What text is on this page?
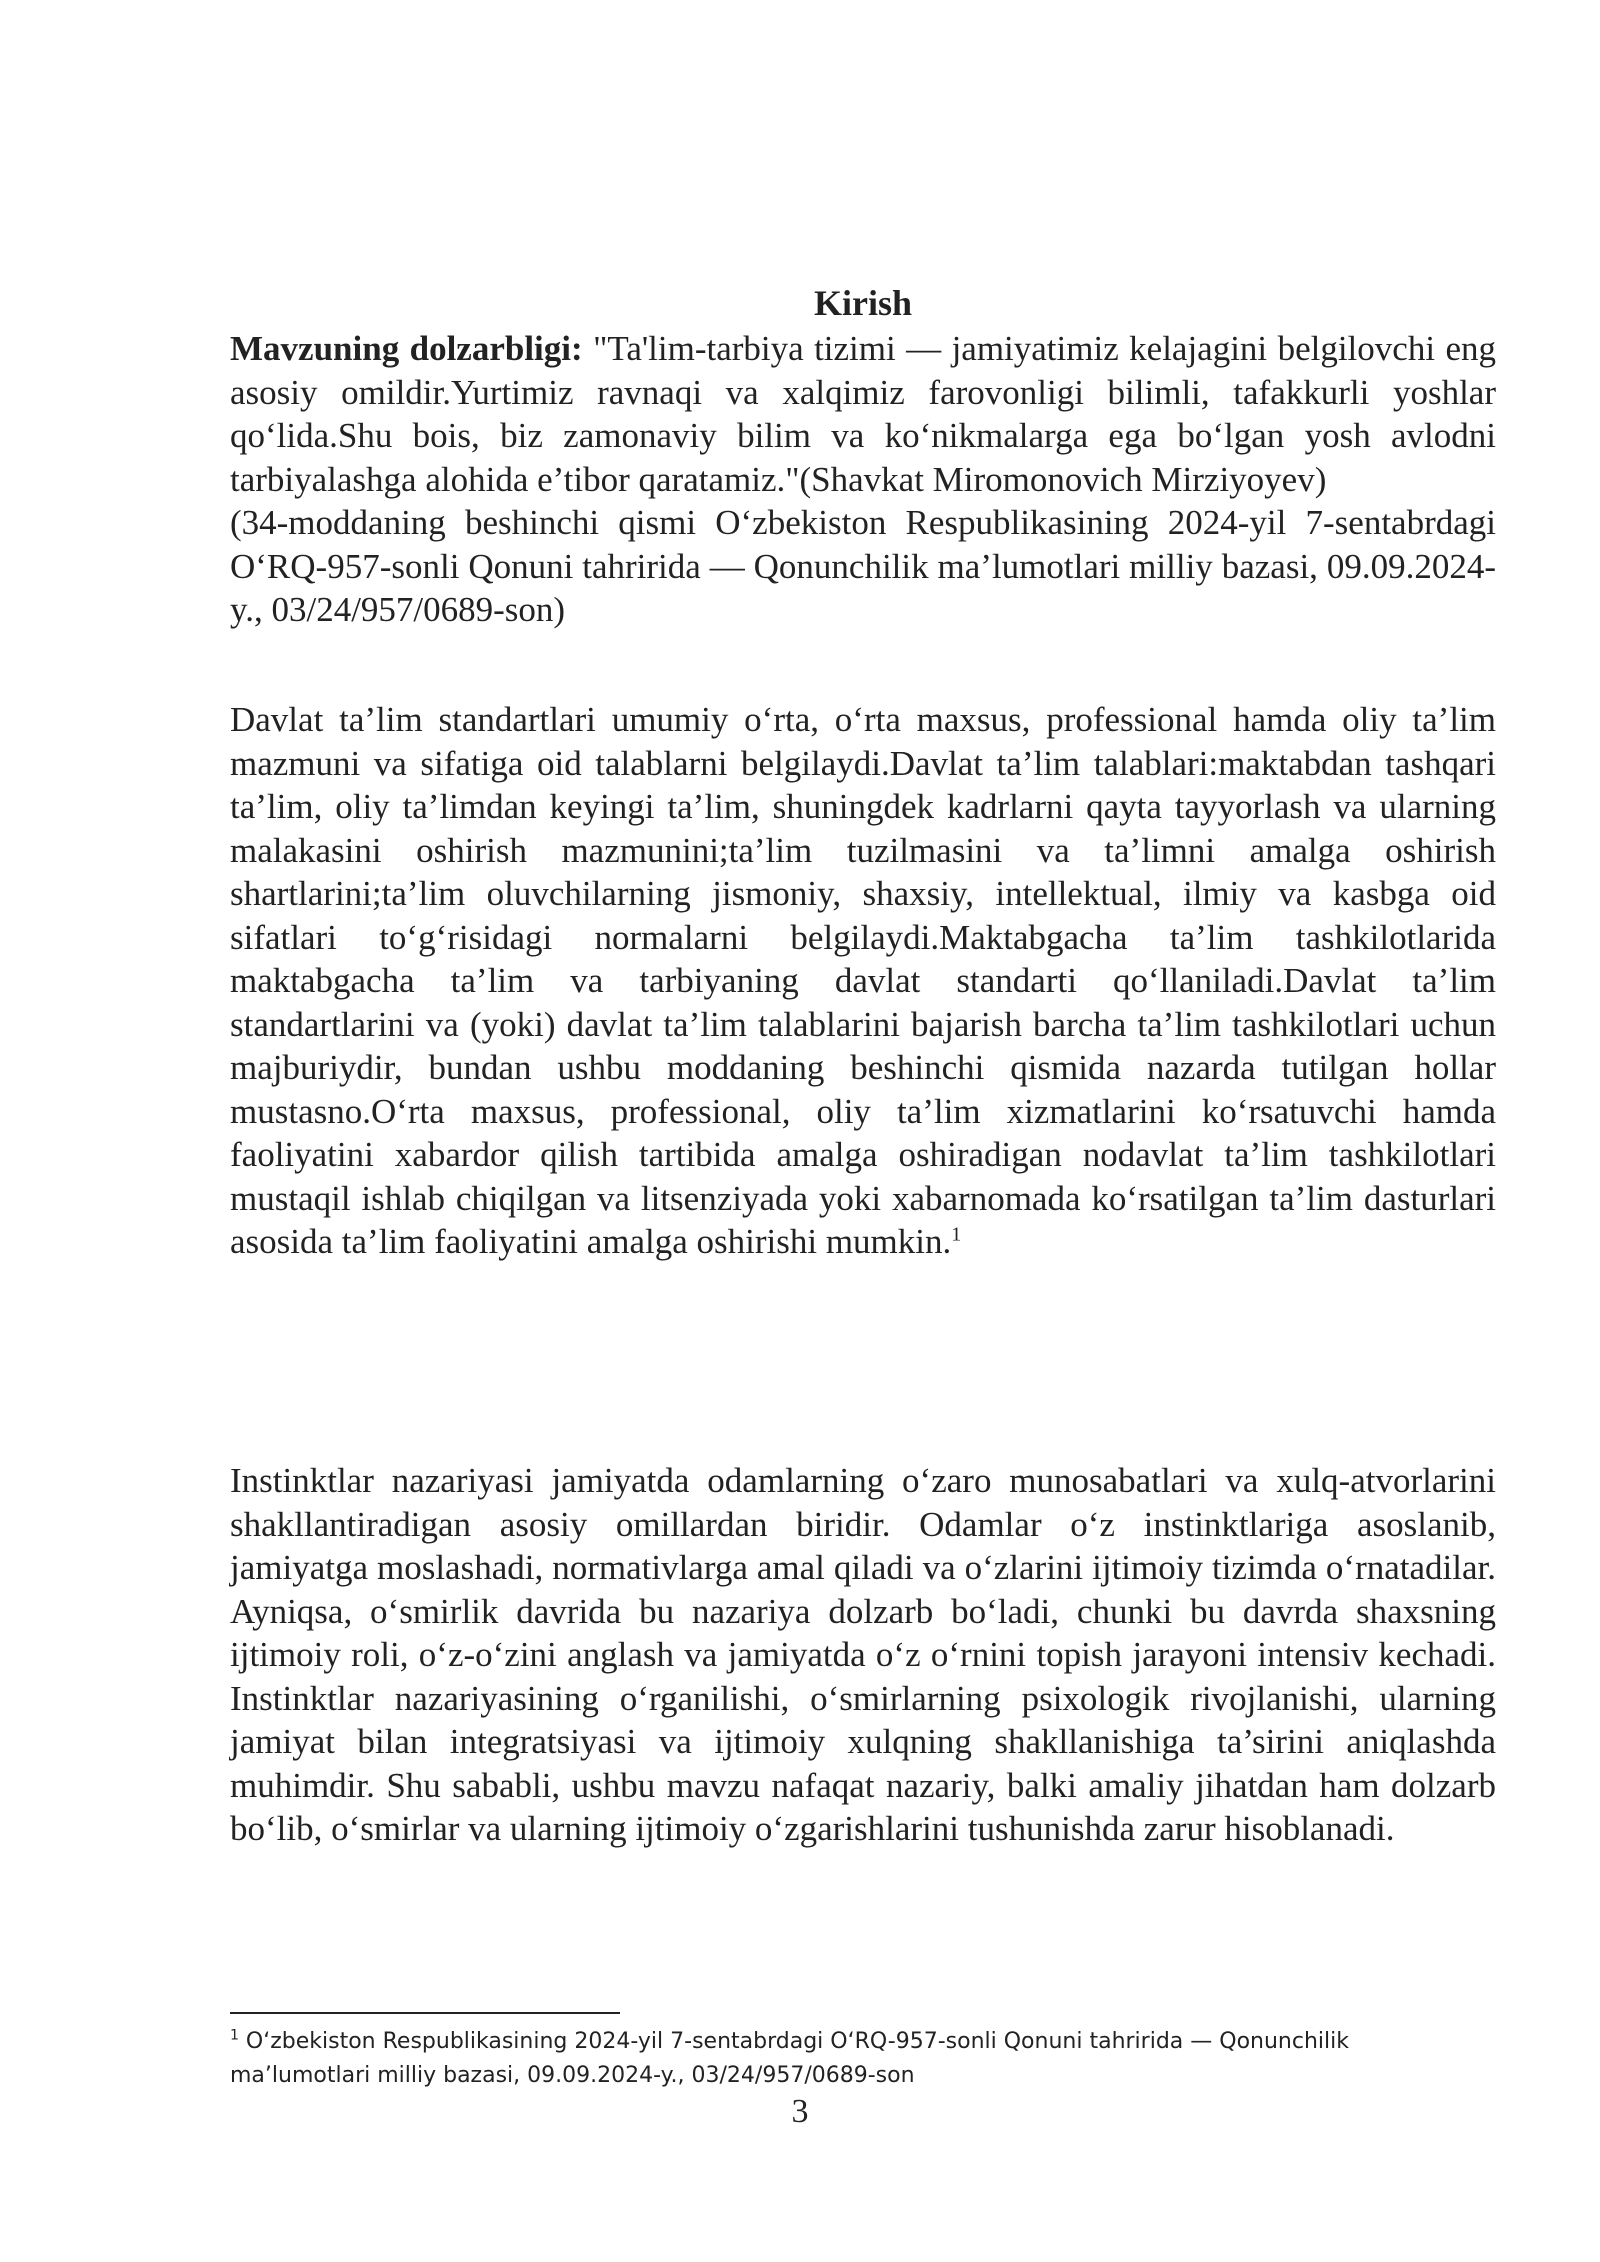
Kirish

Mavzuning dolzarbligi: "Ta'lim-tarbiya tizimi — jamiyatimiz kelajagini belgilovchi eng asosiy omildir.Yurtimiz ravnaqi va xalqimiz farovonligi bilimli, tafakkurli yoshlar qo‘lida.Shu bois, biz zamonaviy bilim va ko‘nikmalarga ega bo‘lgan yosh avlodni tarbiyalashga alohida e’tibor qaratamiz."(Shavkat Miromonovich Mirziyoyev)

(34-moddaning beshinchi qismi O‘zbekiston Respublikasining 2024-yil 7-sentabrdagi O‘RQ-957-sonli Qonuni tahririda — Qonunchilik ma’lumotlari milliy bazasi, 09.09.2024-y., 03/24/957/0689-son)

Davlat ta’lim standartlari umumiy o‘rta, o‘rta maxsus, professional hamda oliy ta’lim mazmuni va sifatiga oid talablarni belgilaydi.Davlat ta’lim talablari:maktabdan tashqari ta’lim, oliy ta’limdan keyingi ta’lim, shuningdek kadrlarni qayta tayyorlash va ularning malakasini oshirish mazmunini;ta’lim tuzilmasini va ta’limni amalga oshirish shartlarini;ta’lim oluvchilarning jismoniy, shaxsiy, intellektual, ilmiy va kasbga oid sifatlari to‘g‘risidagi normalarni belgilaydi.Maktabgacha ta’lim tashkilotlarida maktabgacha ta’lim va tarbiyaning davlat standarti qo‘llaniladi.Davlat ta’lim standartlarini va (yoki) davlat ta’lim talablarini bajarish barcha ta’lim tashkilotlari uchun majburiydir, bundan ushbu moddaning beshinchi qismida nazarda tutilgan hollar mustasno.O‘rta maxsus, professional, oliy ta’lim xizmatlarini ko‘rsatuvchi hamda faoliyatini xabardor qilish tartibida amalga oshiradigan nodavlat ta’lim tashkilotlari mustaqil ishlab chiqilgan va litsenziyada yoki xabarnomada ko‘rsatilgan ta’lim dasturlari asosida ta’lim faoliyatini amalga oshirishi mumkin.$^1$

Instinktlar nazariyasi jamiyatda odamlarning o‘zaro munosabatlari va xulq-atvorlarini shakllantiradigan asosiy omillardan biridir. Odamlar o‘z instinktlariga asoslanib, jamiyatga moslashadi, normativlarga amal qiladi va o‘zlarini ijtimoiy tizimda o‘rnatadilar. Ayniqsa, o‘smirlik davrida bu nazariya dolzarb bo‘ladi, chunki bu davrda shaxsning ijtimoiy roli, o‘z-o‘zini anglash va jamiyatda o‘z o‘rnini topish jarayoni intensiv kechadi. Instinktlar nazariyasining o‘rganilishi, o‘smirlarning psixologik rivojlanishi, ularning jamiyat bilan integratsiyasi va ijtimoiy xulqning shakllanishiga ta’sirini aniqlashda muhimdir. Shu sababli, ushbu mavzu nafaqat nazariy, balki amaliy jihatdan ham dolzarb bo‘lib, o‘smirlar va ularning ijtimoiy o‘zgarishlarini tushunishda zarur hisoblanadi.

$^1$ O‘zbekiston Respublikasining 2024-yil 7-sentabrdagi O‘RQ-957-sonli Qonuni tahririda — Qonunchilik ma’lumotlari milliy bazasi, 09.09.2024-y., 03/24/957/0689-son
3
